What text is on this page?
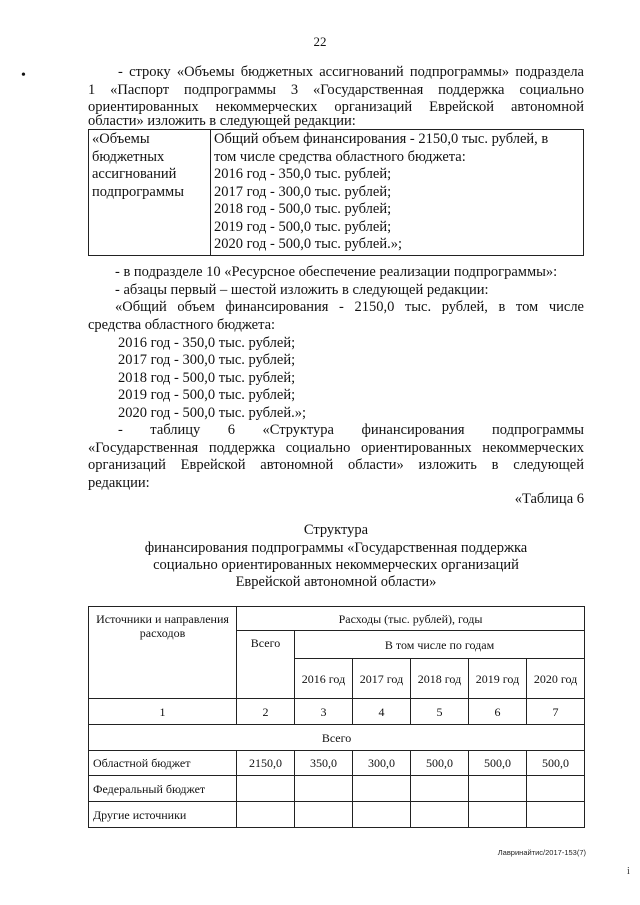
22
•	- строку «Объемы бюджетных ассигнований подпрограммы» подраздела
1 «Паспорт подпрограммы 3 «Государственная поддержка социально
ориентированных некоммерческих организаций Еврейской автономной
области» изложить в следующей редакции:
«Объемы
бюджетных
ассигнований
подпрограммы	Общий объем финансирования - 2150,0 тыс. рублей, в
том числе средства областного бюджета:
2016 год - 350,0 тыс. рублей;
2017 год - 300,0 тыс. рублей;
2018 год - 500,0 тыс. рублей;
2019 год - 500,0 тыс. рублей;
2020 год - 500,0 тыс. рублей.»;
- в подразделе 10 «Ресурсное обеспечение реализации подпрограммы»:
- абзацы первый – шестой изложить в следующей редакции:
«Общий объем финансирования - 2150,0 тыс. рублей, в том числе
средства областного бюджета:
2016 год - 350,0 тыс. рублей;
2017 год - 300,0 тыс. рублей;
2018 год - 500,0 тыс. рублей;
2019 год - 500,0 тыс. рублей;
2020 год - 500,0 тыс. рублей.»;
- таблицу 6 «Структура финансирования подпрограммы
«Государственная поддержка социально ориентированных некоммерческих
организаций Еврейской автономной области» изложить в следующей
редакции:
«Таблица 6
Структура
финансирования подпрограммы «Государственная поддержка
социально ориентированных некоммерческих организаций
Еврейской автономной области»
Источники и направления расходов	Расходы (тыс. рублей), годы					
	Всего	В том числе по годам				
		2016 год	2017 год	2018 год	2019 год	2020 год
1	2	3	4	5	6	7
Всего						
Областной бюджет	2150,0	350,0	300,0	500,0	500,0	500,0
Федеральный бюджет						
Другие источники						
Лавринайтис/2017-153(7)
i
